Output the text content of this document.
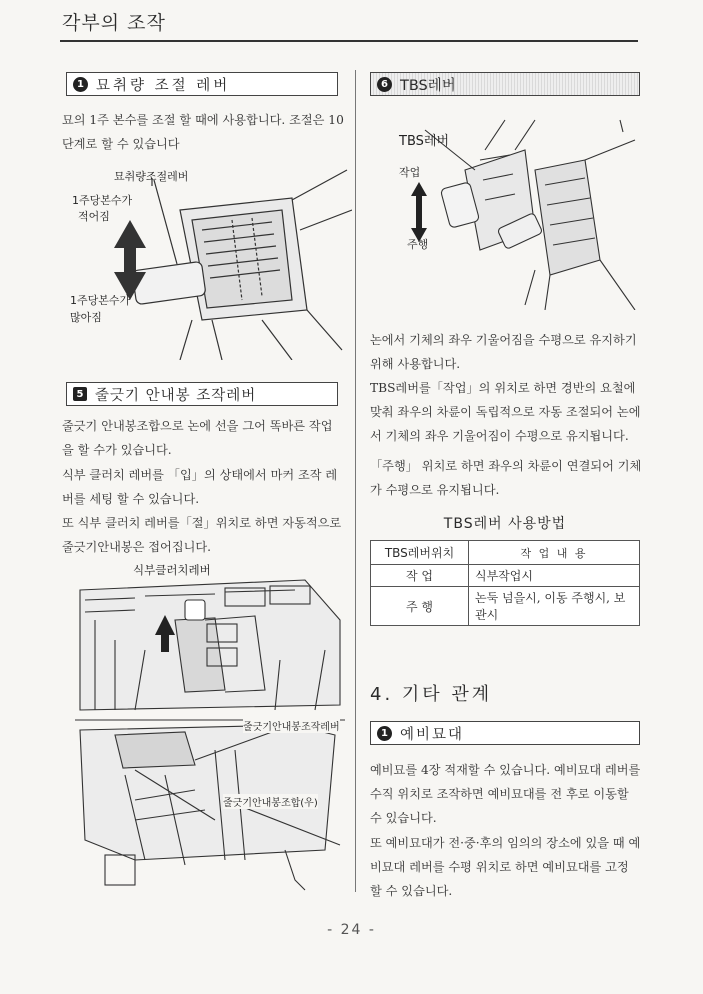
각부의 조작
1 묘취량 조절 레버
묘의 1주 본수를 조절 할 때에 사용합니다. 조절은 10단계로 할 수 있습니다
묘취량조절레버
1주당본수가
적어짐
1주당본수가
많아짐
5 줄긋기 안내봉 조작레버
줄긋기 안내봉조합으로 논에 선을 그어 똑바른 작업을 할 수가 있습니다.
식부 클러치 레버를 「입」의 상태에서 마커 조작 레버를 세팅 할 수 있습니다.
또 식부 클러치 레버를「절」위치로 하면 자동적으로 줄긋기안내봉은 접어집니다.
식부클러치레버
줄긋기안내봉조작레버
줄긋기안내봉조합(우)
6 TBS레버
TBS레버
작업
주행
논에서 기체의 좌우 기울어짐을 수평으로 유지하기 위해 사용합니다.
TBS레버를「작업」의 위치로 하면 경반의 요철에 맞춰 좌우의 차륜이 독립적으로 자동 조절되어 논에서 기체의 좌우 기울어짐이 수평으로 유지됩니다.
「주행」 위치로 하면 좌우의 차륜이 연결되어 기체가 수평으로 유지됩니다.
TBS레버 사용방법
TBS레버위치	작 업 내 용
작 업	식부작업시
주 행	논둑 넘을시, 이동 주행시, 보관시
4. 기타 관계
1 예비묘대
예비묘를 4장 적재할 수 있습니다. 예비묘대 레버를 수직 위치로 조작하면 예비묘대를 전 후로 이동할 수 있습니다.
또 예비묘대가 전·중·후의 임의의 장소에 있을 때 예비묘대 레버를 수평 위치로 하면 예비묘대를 고정 할 수 있습니다.
- 24 -
